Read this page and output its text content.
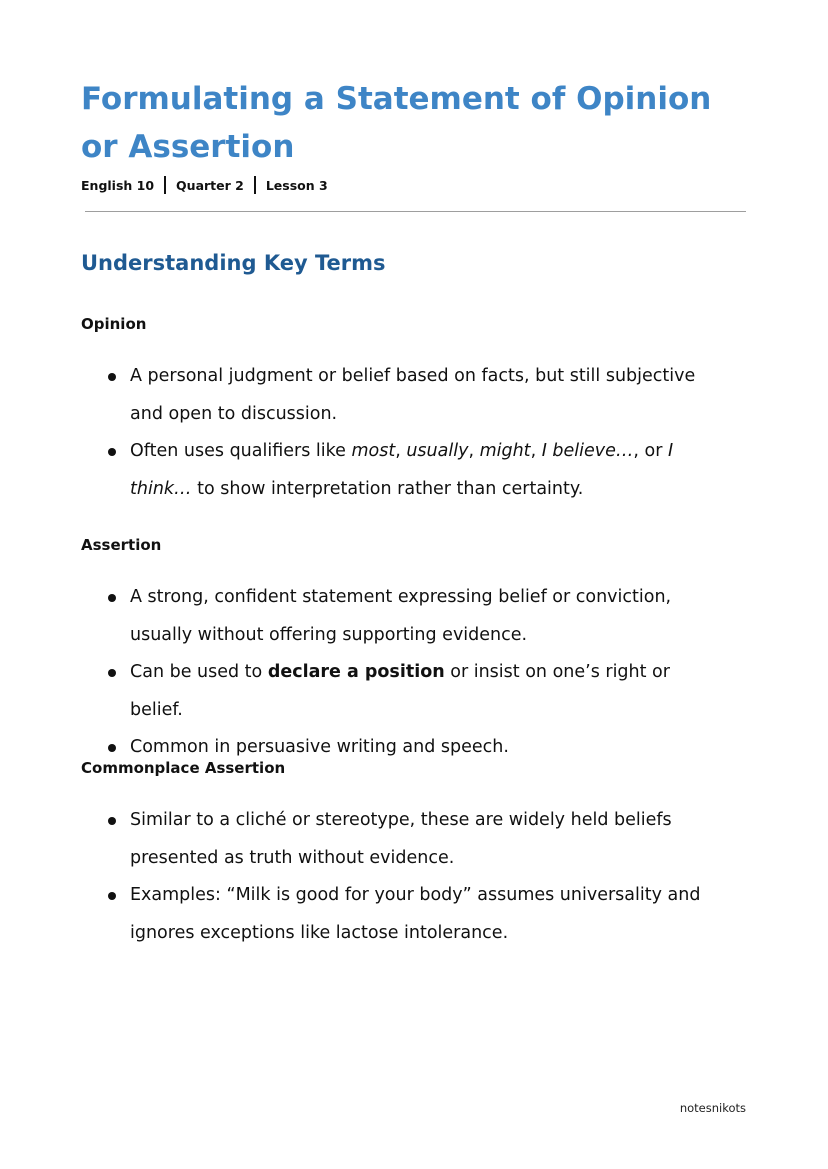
Formulating a Statement of Opinion or Assertion
English 10 Quarter 2 Lesson 3
Understanding Key Terms
Opinion
A personal judgment or belief based on facts, but still subjective and open to discussion.
Often uses qualifiers like most, usually, might, I believe…, or I think… to show interpretation rather than certainty.
Assertion
A strong, confident statement expressing belief or conviction, usually without offering supporting evidence.
Can be used to declare a position or insist on one’s right or belief.
Common in persuasive writing and speech.
Commonplace Assertion
Similar to a cliché or stereotype, these are widely held beliefs presented as truth without evidence.
Examples: “Milk is good for your body” assumes universality and ignores exceptions like lactose intolerance.
notesnikots
